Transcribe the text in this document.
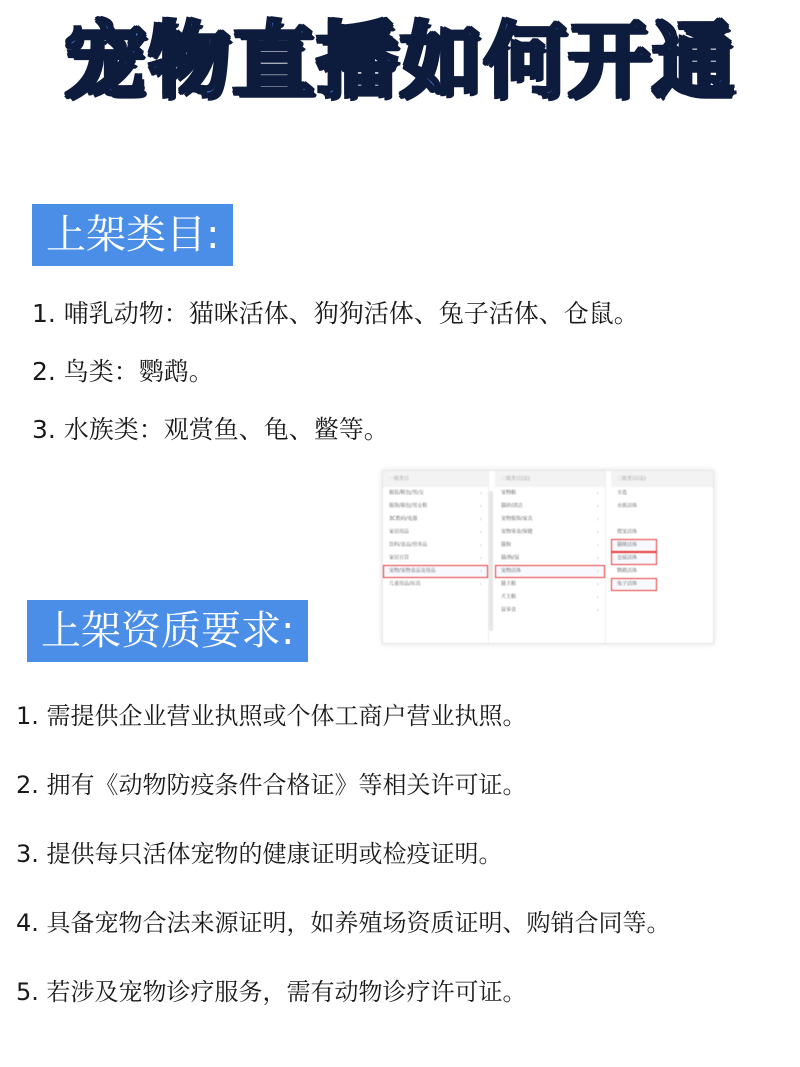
宠物直播如何开通
上架类目:
1. 哺乳动物：猫咪活体、狗狗活体、兔子活体、仓鼠。
2. 鸟类：鹦鹉。
3. 水族类：观赏鱼、龟、鳖等。
一级类目
服装/鞋包/男/女	›
服饰/箱包/男女鞋	›
3C数码/电器	›
家居用品	›
饮料/食品/营养品	›
家居百货	›
宠物/宠物食品及用品	›
儿童用品/玩具	›
二级类目(法)
宠物粮	›
猫砂/清洁	›
宠物服饰/家具	›
宠物零食/保健	›
猫狗	›
猫/狗/鼠	›
宠物活体	›
猫主粮	›
犬主粮	›
鼠零食	›
三级类目(法)
全选
水族活体
爬宠活体
猫咪活体
仓鼠活体
鹦鹉活体
兔子活体
上架资质要求:
1. 需提供企业营业执照或个体工商户营业执照。
2. 拥有《动物防疫条件合格证》等相关许可证。
3. 提供每只活体宠物的健康证明或检疫证明。
4. 具备宠物合法来源证明，如养殖场资质证明、购销合同等。
5. 若涉及宠物诊疗服务，需有动物诊疗许可证。
